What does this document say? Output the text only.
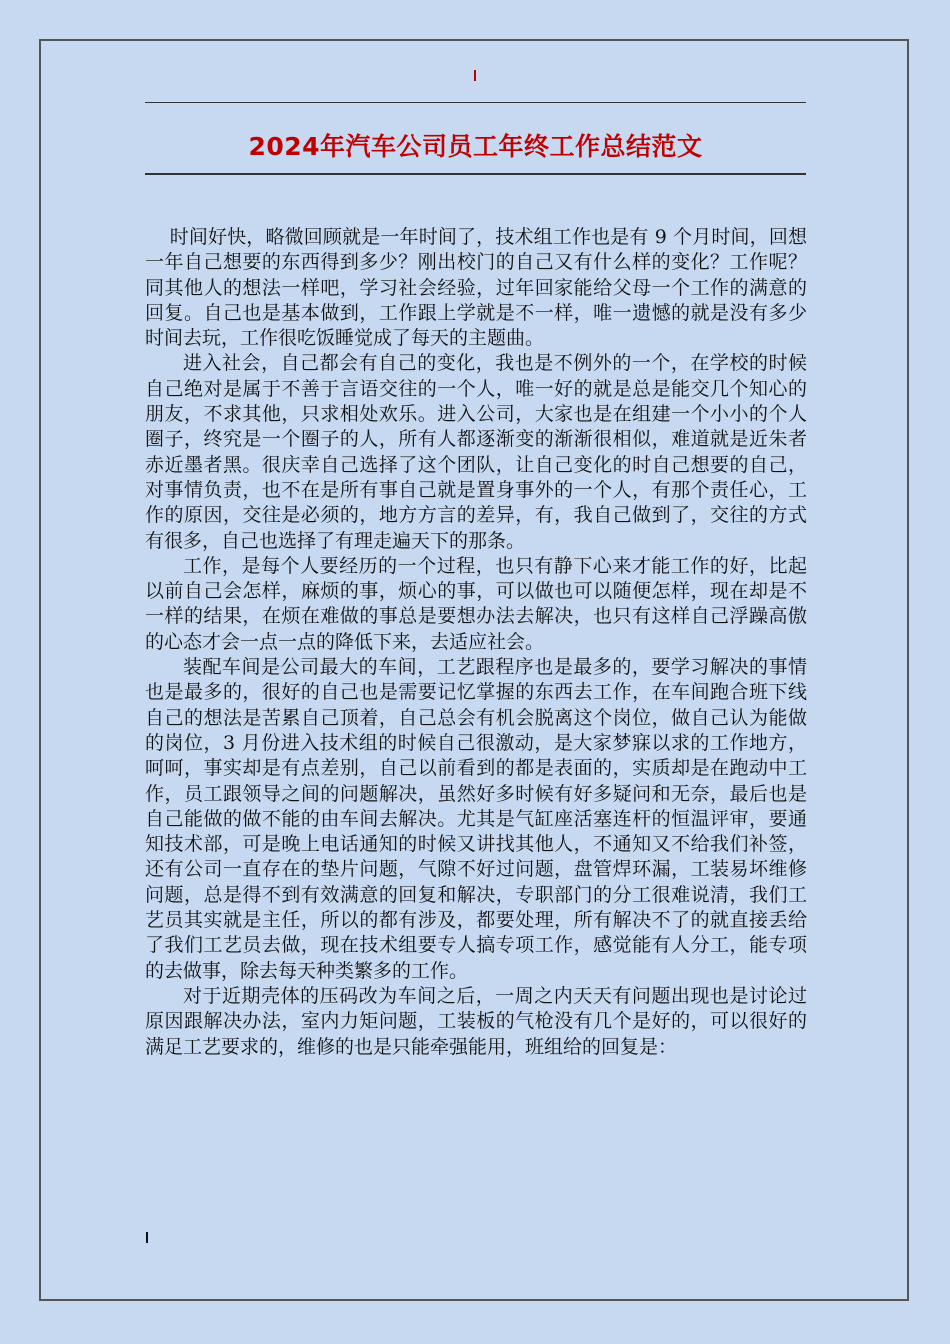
2024年汽车公司员工年终工作总结范文

时间好快，略微回顾就是一年时间了，技术组工作也是有 9 个月时间，回想一年自己想要的东西得到多少？刚出校门的自己又有什么样的变化？工作呢？ 同其他人的想法一样吧，学习社会经验，过年回家能给父母一个工作的满意的回复。自己也是基本做到，工作跟上学就是不一样，唯一遗憾的就是没有多少时间去玩，工作很吃饭睡觉成了每天的主题曲。

进入社会，自己都会有自己的变化，我也是不例外的一个，在学校的时候自己绝对是属于不善于言语交往的一个人，唯一好的就是总是能交几个知心的朋友，不求其他，只求相处欢乐。进入公司，大家也是在组建一个小小的个人圈子，终究是一个圈子的人，所有人都逐渐变的渐渐很相似，难道就是近朱者赤近墨者黑。很庆幸自己选择了这个团队，让自己变化的时自己想要的自己，对事情负责，也不在是所有事自己就是置身事外的一个人，有那个责任心，工作的原因，交往是必须的，地方方言的差异，有，我自己做到了，交往的方式有很多，自己也选择了有理走遍天下的那条。

工作，是每个人要经历的一个过程，也只有静下心来才能工作的好，比起以前自己会怎样，麻烦的事，烦心的事，可以做也可以随便怎样，现在却是不一样的结果，在烦在难做的事总是要想办法去解决，也只有这样自己浮躁高傲的心态才会一点一点的降低下来，去适应社会。

装配车间是公司最大的车间，工艺跟程序也是最多的，要学习解决的事情也是最多的，很好的自己也是需要记忆掌握的东西去工作，在车间跑合班下线自己的想法是苦累自己顶着，自己总会有机会脱离这个岗位，做自己认为能做的岗位，3 月份进入技术组的时候自己很激动，是大家梦寐以求的工作地方，呵呵，事实却是有点差别，自己以前看到的都是表面的，实质却是在跑动中工作，员工跟领导之间的问题解决，虽然好多时候有好多疑问和无奈，最后也是自己能做的做不能的由车间去解决。尤其是气缸座活塞连杆的恒温评审，要通知技术部，可是晚上电话通知的时候又讲找其他人，不通知又不给我们补签，还有公司一直存在的垫片问题，气隙不好过问题，盘管焊环漏，工装易坏维修问题，总是得不到有效满意的回复和解决，专职部门的分工很难说清，我们工艺员其实就是主任，所以的都有涉及，都要处理，所有解决不了的就直接丢给了我们工艺员去做，现在技术组要专人搞专项工作，感觉能有人分工，能专项的去做事，除去每天种类繁多的工作。

对于近期壳体的压码改为车间之后，一周之内天天有问题出现也是讨论过原因跟解决办法，室内力矩问题，工装板的气枪没有几个是好的，可以很好的满足工艺要求的，维修的也是只能牵强能用，班组给的回复是：
